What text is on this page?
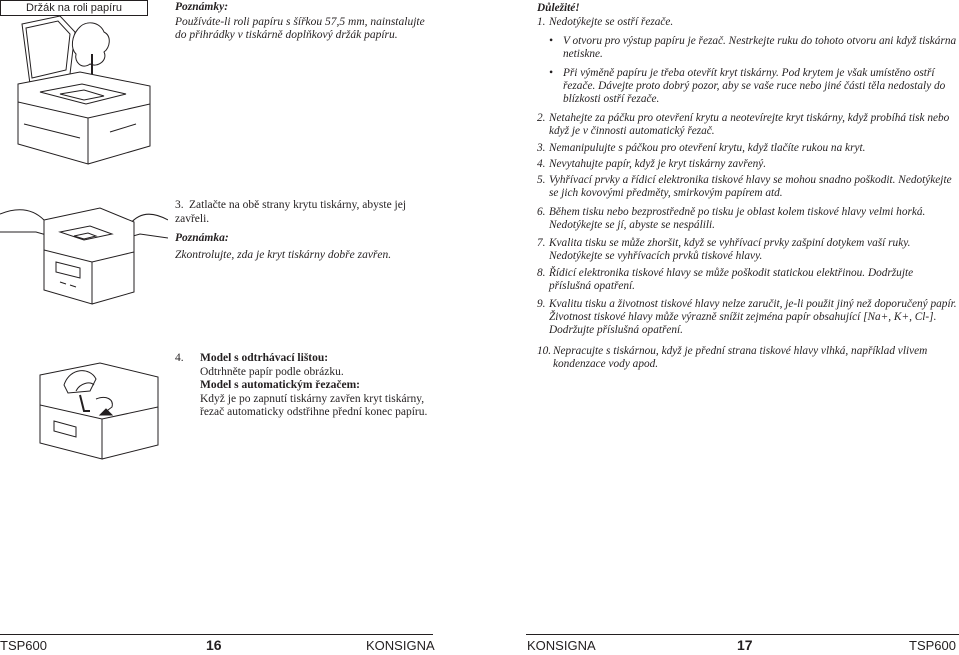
Držák na roli papíru	Poznámky:
Používáte-li roli papíru s šířkou 57,5 mm, nainstalujte do přihrádky v tiskárně doplňkový držák papíru.
3. Zatlačte na obě strany krytu tiskárny, abyste jej zavřeli.
Poznámka:
Zkontrolujte, zda je kryt tiskárny dobře zavřen.
4. Model s odtrhávací lištou:
Odtrhněte papír podle obrázku.
Model s automatickým řezačem:
Když je po zapnutí tiskárny zavřen kryt tiskárny, řezač automaticky odstřihne přední konec papíru.
Důležité!
1. Nedotýkejte se ostří řezače.
• V otvoru pro výstup papíru je řezač. Nestrkejte ruku do tohoto otvoru ani když tiskárna netiskne.
• Při výměně papíru je třeba otevřít kryt tiskárny. Pod krytem je však umístěno ostří řezače. Dávejte proto dobrý pozor, aby se vaše ruce nebo jiné části těla nedostaly do blízkosti ostří řezače.
2. Netahejte za páčku pro otevření krytu a neotevírejte kryt tiskárny, když probíhá tisk nebo když je v činnosti automatický řezač.
3. Nemanipulujte s páčkou pro otevření krytu, když tlačíte rukou na kryt.
4. Nevytahujte papír, když je kryt tiskárny zavřený.
5. Vyhřívací prvky a řídicí elektronika tiskové hlavy se mohou snadno poškodit. Nedotýkejte se jich kovovými předměty, smirkovým papírem atd.
6. Během tisku nebo bezprostředně po tisku je oblast kolem tiskové hlavy velmi horká. Nedotýkejte se jí, abyste se nespálili.
7. Kvalita tisku se může zhoršit, když se vyhřívací prvky zašpiní dotykem vaší ruky. Nedotýkejte se vyhřívacích prvků tiskové hlavy.
8. Řídicí elektronika tiskové hlavy se může poškodit statickou elektřinou. Dodržujte příslušná opatření.
9. Kvalitu tisku a životnost tiskové hlavy nelze zaručit, je-li použit jiný než doporučený papír. Životnost tiskové hlavy může výrazně snížit zejména papír obsahující [Na+, K+, Cl-]. Dodržujte příslušná opatření.
10. Nepracujte s tiskárnou, když je přední strana tiskové hlavy vlhká, například vlivem kondenzace vody apod.
TSP600	16	KONSIGNA	KONSIGNA	17	TSP600
